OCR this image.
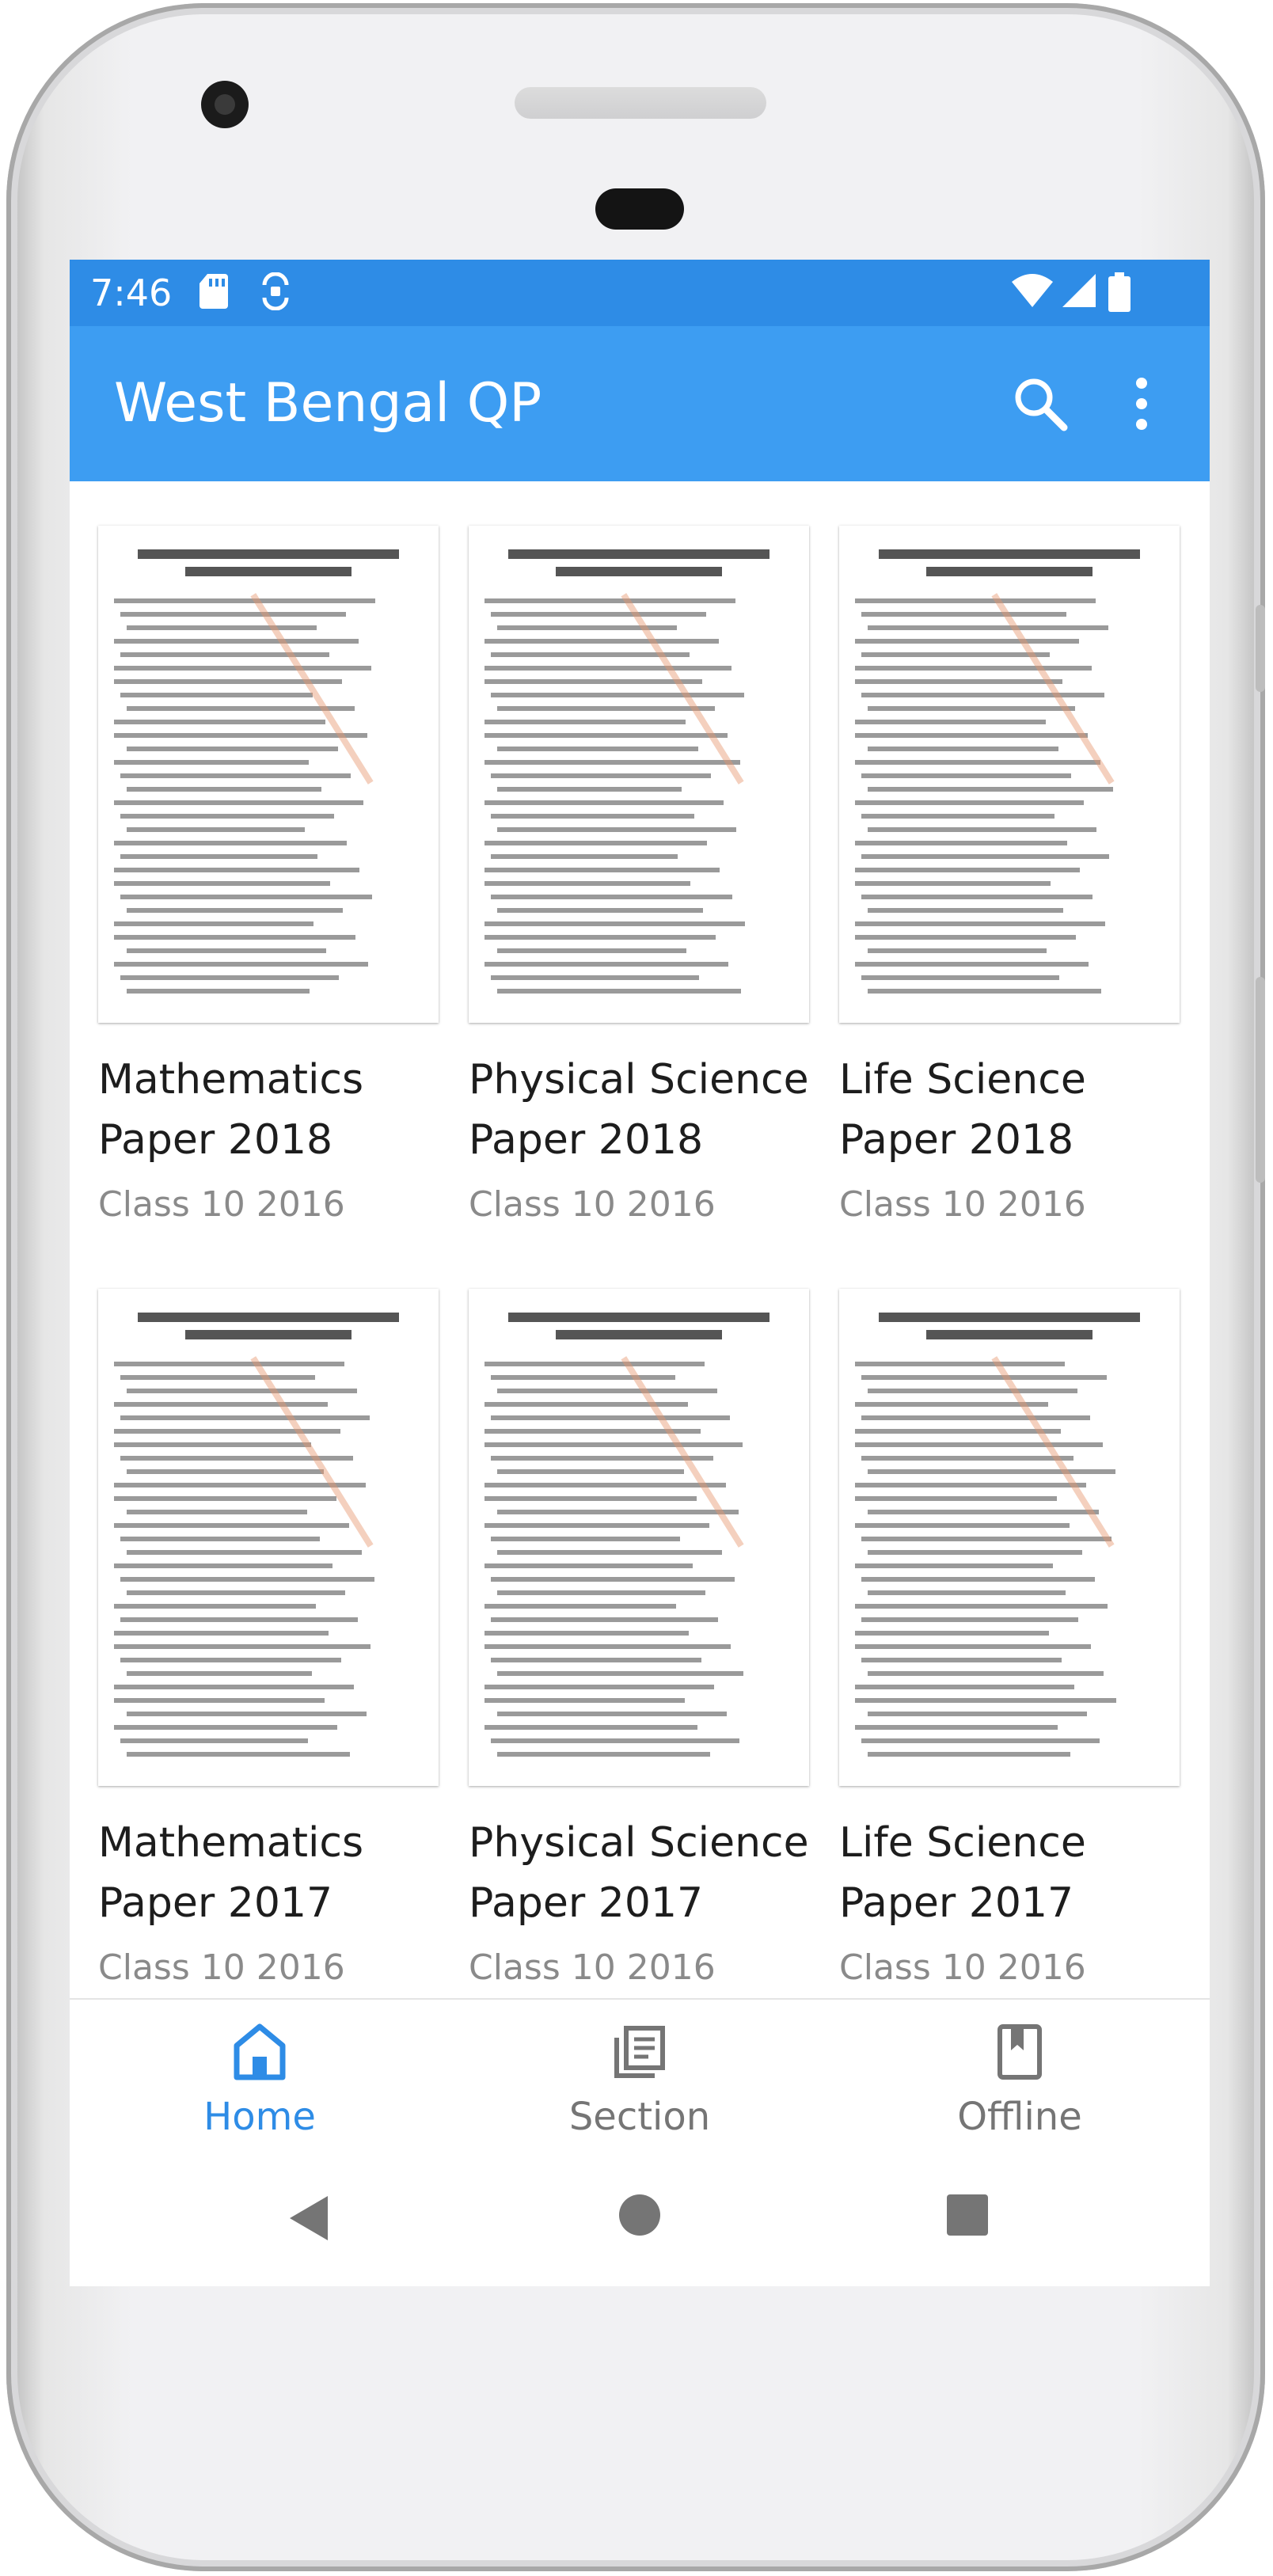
7:46
West Bengal QP
Mathematics Paper 2018
Class 10 2016
Physical Science Paper 2018
Class 10 2016
Life Science Paper 2018
Class 10 2016
Mathematics Paper 2017
Class 10 2016
Physical Science Paper 2017
Class 10 2016
Life Science Paper 2017
Class 10 2016
Home	Section	Offline
